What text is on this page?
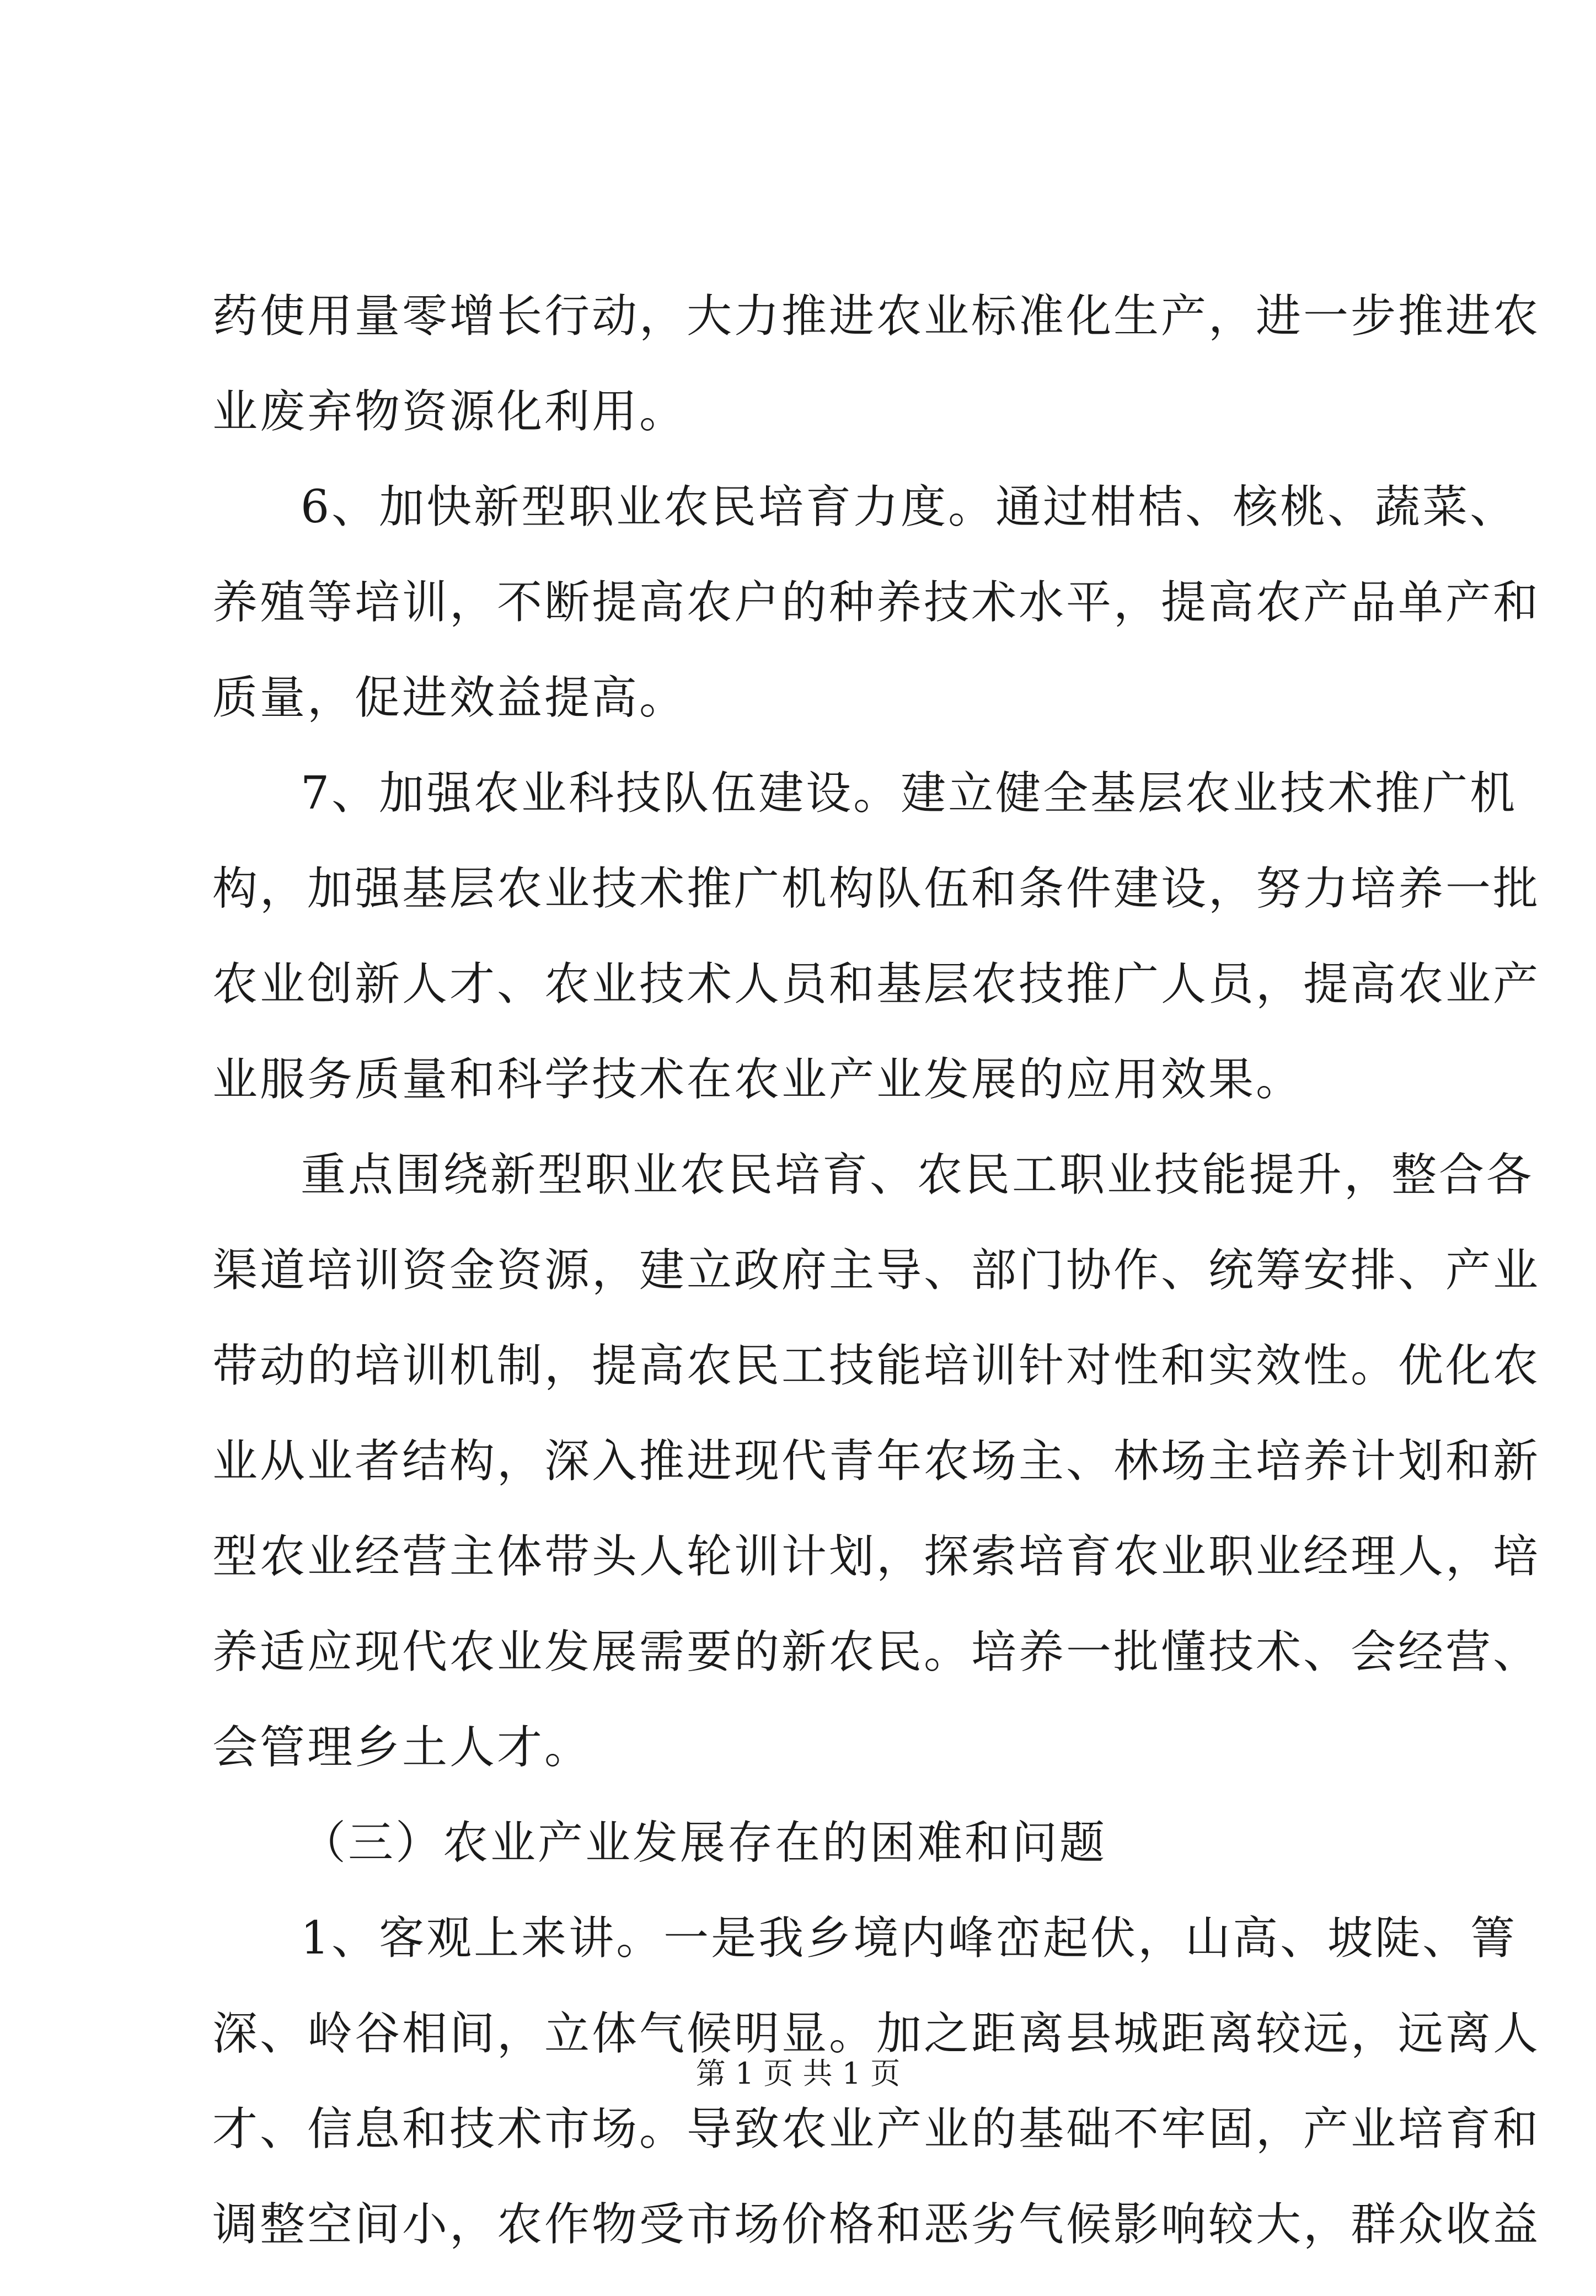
药使用量零增长行动，大力推进农业标准化生产，进一步推进农
业废弃物资源化利用。
6、加快新型职业农民培育力度。通过柑桔、核桃、蔬菜、
养殖等培训，不断提高农户的种养技术水平，提高农产品单产和
质量，促进效益提高。
7、加强农业科技队伍建设。建立健全基层农业技术推广机
构，加强基层农业技术推广机构队伍和条件建设，努力培养一批
农业创新人才、农业技术人员和基层农技推广人员，提高农业产
业服务质量和科学技术在农业产业发展的应用效果。
重点围绕新型职业农民培育、农民工职业技能提升，整合各
渠道培训资金资源，建立政府主导、部门协作、统筹安排、产业
带动的培训机制，提高农民工技能培训针对性和实效性。优化农
业从业者结构，深入推进现代青年农场主、林场主培养计划和新
型农业经营主体带头人轮训计划，探索培育农业职业经理人，培
养适应现代农业发展需要的新农民。培养一批懂技术、会经营、
会管理乡土人才。
（三）农业产业发展存在的困难和问题
1、客观上来讲。一是我乡境内峰峦起伏，山高、坡陡、箐
深、岭谷相间，立体气候明显。加之距离县城距离较远，远离人
才、信息和技术市场。导致农业产业的基础不牢固，产业培育和
调整空间小，农作物受市场价格和恶劣气候影响较大，群众收益
第 1 页 共 1 页
